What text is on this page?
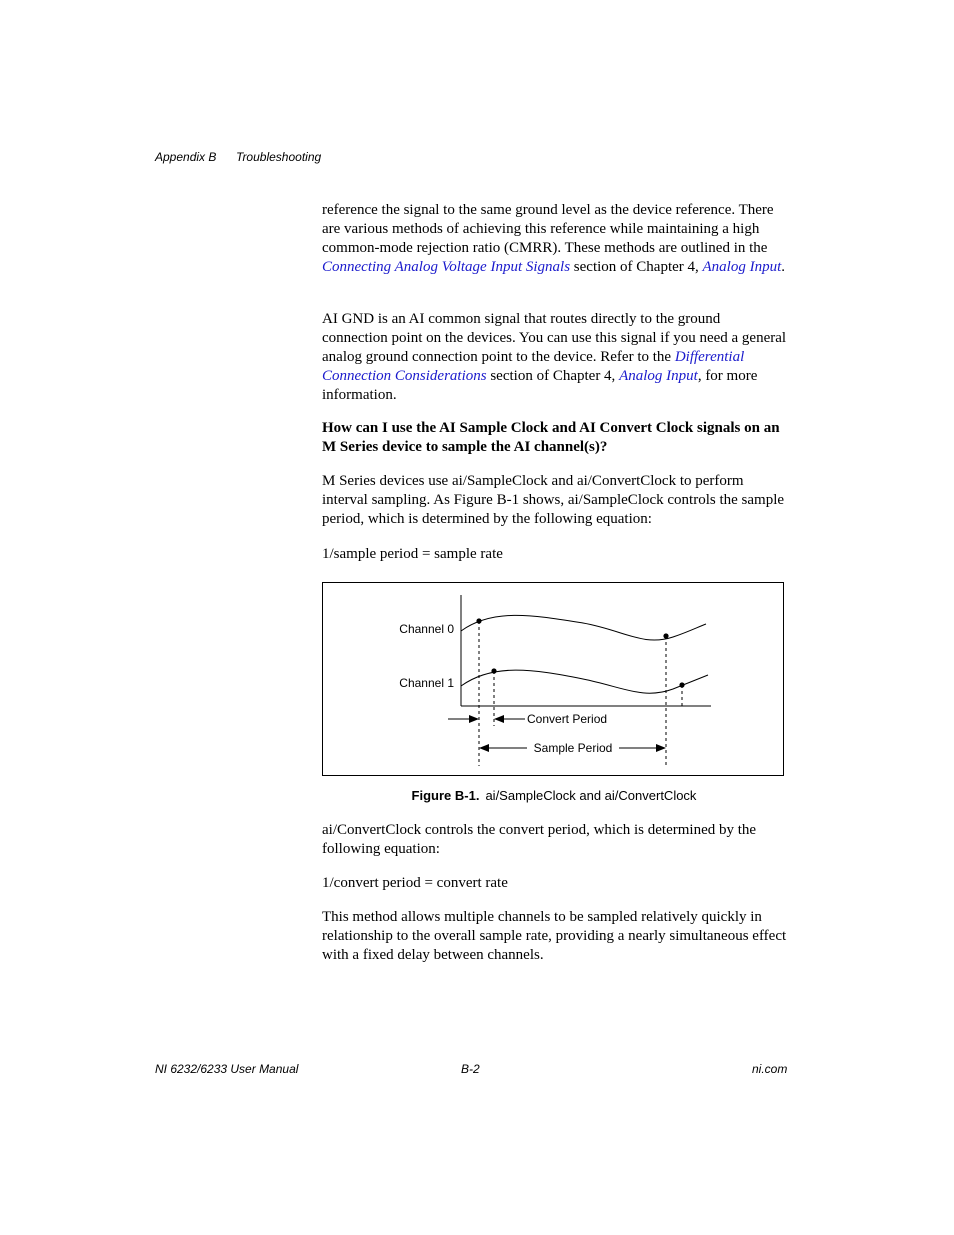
Appendix B Troubleshooting

reference the signal to the same ground level as the device reference. There are various methods of achieving this reference while maintaining a high common-mode rejection ratio (CMRR). These methods are outlined in the Connecting Analog Voltage Input Signals section of Chapter 4, Analog Input.

AI GND is an AI common signal that routes directly to the ground connection point on the devices. You can use this signal if you need a general analog ground connection point to the device. Refer to the Differential Connection Considerations section of Chapter 4, Analog Input, for more information.

How can I use the AI Sample Clock and AI Convert Clock signals on an M Series device to sample the AI channel(s)?
M Series devices use ai/SampleClock and ai/ConvertClock to perform interval sampling. As Figure B-1 shows, ai/SampleClock controls the sample period, which is determined by the following equation:
1/sample period = sample rate
Channel 0
Channel 1
Convert Period
Sample Period
Figure B-1. ai/SampleClock and ai/ConvertClock
ai/ConvertClock controls the convert period, which is determined by the following equation:
1/convert period = convert rate
This method allows multiple channels to be sampled relatively quickly in relationship to the overall sample rate, providing a nearly simultaneous effect with a fixed delay between channels.
NI 6232/6233 User Manual	B-2	ni.com
